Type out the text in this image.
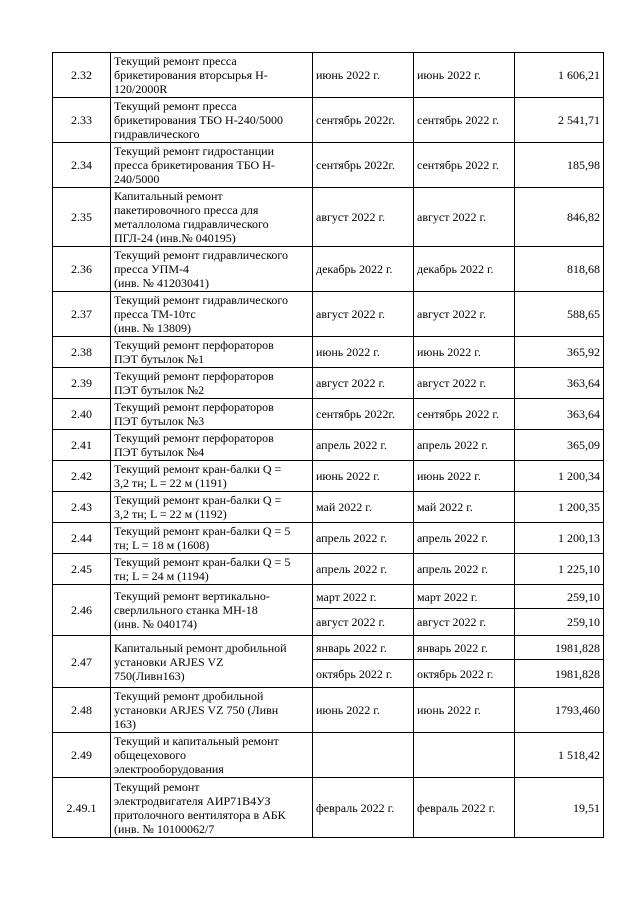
2.32	Текущий ремонт пресса
брикетирования вторсырья Н-
120/2000R	июнь 2022 г.	июнь 2022 г.	1 606,21
2.33	Текущий ремонт пресса
брикетирования ТБО Н-240/5000
гидравлического	сентябрь 2022г.	сентябрь 2022 г.	2 541,71
2.34	Текущий ремонт гидростанции
пресса брикетирования ТБО Н-
240/5000	сентябрь 2022г.	сентябрь 2022 г.	185,98
2.35	Капитальный ремонт
пакетировочного пресса для
металлолома гидравлического
ПГЛ-24 (инв.№ 040195)	август 2022 г.	август 2022 г.	846,82
2.36	Текущий ремонт гидравлического
пресса УПМ-4
(инв. № 41203041)	декабрь 2022 г.	декабрь 2022 г.	818,68
2.37	Текущий ремонт гидравлического
пресса ТМ-10тс
(инв. № 13809)	август 2022 г.	август 2022 г.	588,65
2.38	Текущий ремонт перфораторов
ПЭТ бутылок №1	июнь 2022 г.	июнь 2022 г.	365,92
2.39	Текущий ремонт перфораторов
ПЭТ бутылок №2	август 2022 г.	август 2022 г.	363,64
2.40	Текущий ремонт перфораторов
ПЭТ бутылок №3	сентябрь 2022г.	сентябрь 2022 г.	363,64
2.41	Текущий ремонт перфораторов
ПЭТ бутылок №4	апрель 2022 г.	апрель 2022 г.	365,09
2.42	Текущий ремонт кран-балки Q =
3,2 тн; L = 22 м (1191)	июнь 2022 г.	июнь 2022 г.	1 200,34
2.43	Текущий ремонт кран-балки Q =
3,2 тн; L = 22 м (1192)	май 2022 г.	май 2022 г.	1 200,35
2.44	Текущий ремонт кран-балки Q = 5
тн; L = 18 м (1608)	апрель 2022 г.	апрель 2022 г.	1 200,13
2.45	Текущий ремонт кран-балки Q = 5
тн; L = 24 м (1194)	апрель 2022 г.	апрель 2022 г.	1 225,10
2.46	Текущий ремонт вертикально-
сверлильного станка МН-18
(инв. № 040174)	март 2022 г.	март 2022 г.	259,10
		август 2022 г.	август 2022 г.	259,10
2.47	Капитальный ремонт дробильной
установки ARJES VZ
750(Ливн163)	январь 2022 г.	январь 2022 г.	1981,828
		октябрь 2022 г.	октябрь 2022 г.	1981,828
2.48	Текущий ремонт дробильной
установки ARJES VZ 750 (Ливн
163)	июнь 2022 г.	июнь 2022 г.	1793,460
2.49	Текущий и капитальный ремонт
общецехового
электрооборудования			1 518,42
2.49.1	Текущий ремонт
электродвигателя АИР71В4УЗ
притолочного вентилятора в АБК
(инв. № 10100062/7	февраль 2022 г.	февраль 2022 г.	19,51
